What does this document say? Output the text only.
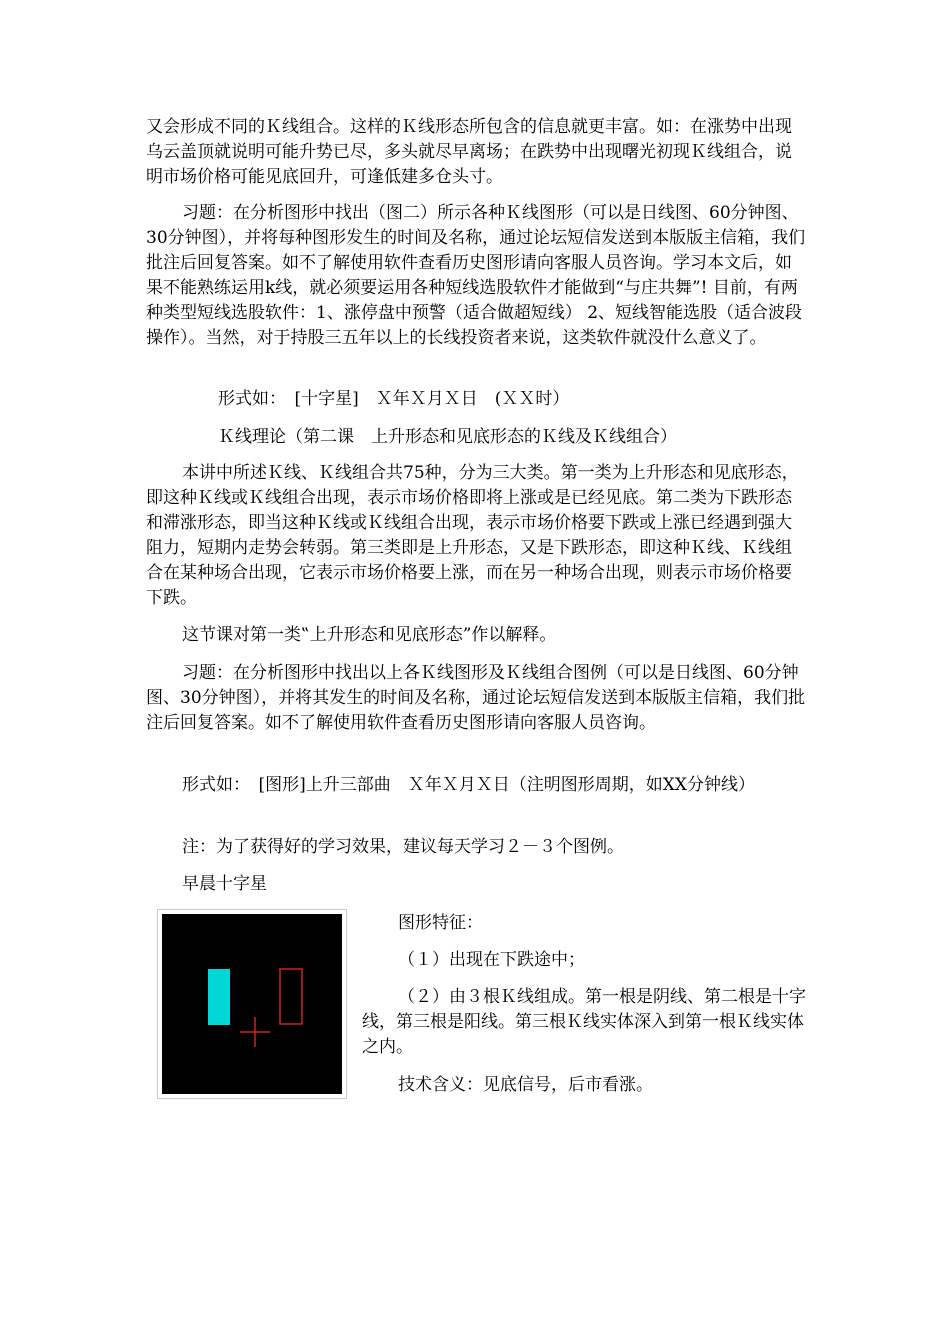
又会形成不同的Ｋ线组合。这样的Ｋ线形态所包含的信息就更丰富。如：在涨势中出现乌云盖顶就说明可能升势已尽，多头就尽早离场；在跌势中出现曙光初现Ｋ线组合，说明市场价格可能见底回升，可逢低建多仓头寸。

习题：在分析图形中找出（图二）所示各种Ｋ线图形（可以是日线图、60分钟图、30分钟图），并将每种图形发生的时间及名称，通过论坛短信发送到本版版主信箱，我们批注后回复答案。如不了解使用软件查看历史图形请向客服人员咨询。学习本文后，如果不能熟练运用k线，就必须要运用各种短线选股软件才能做到“与庄共舞”! 目前，有两种类型短线选股软件：1、涨停盘中预警（适合做超短线） 2、短线智能选股（适合波段操作）。当然，对于持股三五年以上的长线投资者来说，这类软件就没什么意义了。

形式如：　[十字星]　Ｘ年Ｘ月Ｘ日　(ＸＸ时）

Ｋ线理论（第二课　上升形态和见底形态的Ｋ线及Ｋ线组合）

本讲中所述Ｋ线、Ｋ线组合共75种，分为三大类。第一类为上升形态和见底形态，即这种Ｋ线或Ｋ线组合出现，表示市场价格即将上涨或是已经见底。第二类为下跌形态和滞涨形态，即当这种Ｋ线或Ｋ线组合出现，表示市场价格要下跌或上涨已经遇到强大阻力，短期内走势会转弱。第三类即是上升形态，又是下跌形态，即这种Ｋ线、Ｋ线组合在某种场合出现，它表示市场价格要上涨，而在另一种场合出现，则表示市场价格要下跌。

这节课对第一类‟上升形态和见底形态”作以解释。

习题：在分析图形中找出以上各Ｋ线图形及Ｋ线组合图例（可以是日线图、60分钟图、30分钟图），并将其发生的时间及名称，通过论坛短信发送到本版版主信箱，我们批注后回复答案。如不了解使用软件查看历史图形请向客服人员咨询。

形式如：　[图形]上升三部曲　Ｘ年Ｘ月Ｘ日（注明图形周期，如XX分钟线）

注：为了获得好的学习效果，建议每天学习２－３个图例。

早晨十字星

图形特征：

（１）出现在下跌途中；

（２）由３根Ｋ线组成。第一根是阴线、第二根是十字线，第三根是阳线。第三根Ｋ线实体深入到第一根Ｋ线实体之内。

技术含义：见底信号，后市看涨。
